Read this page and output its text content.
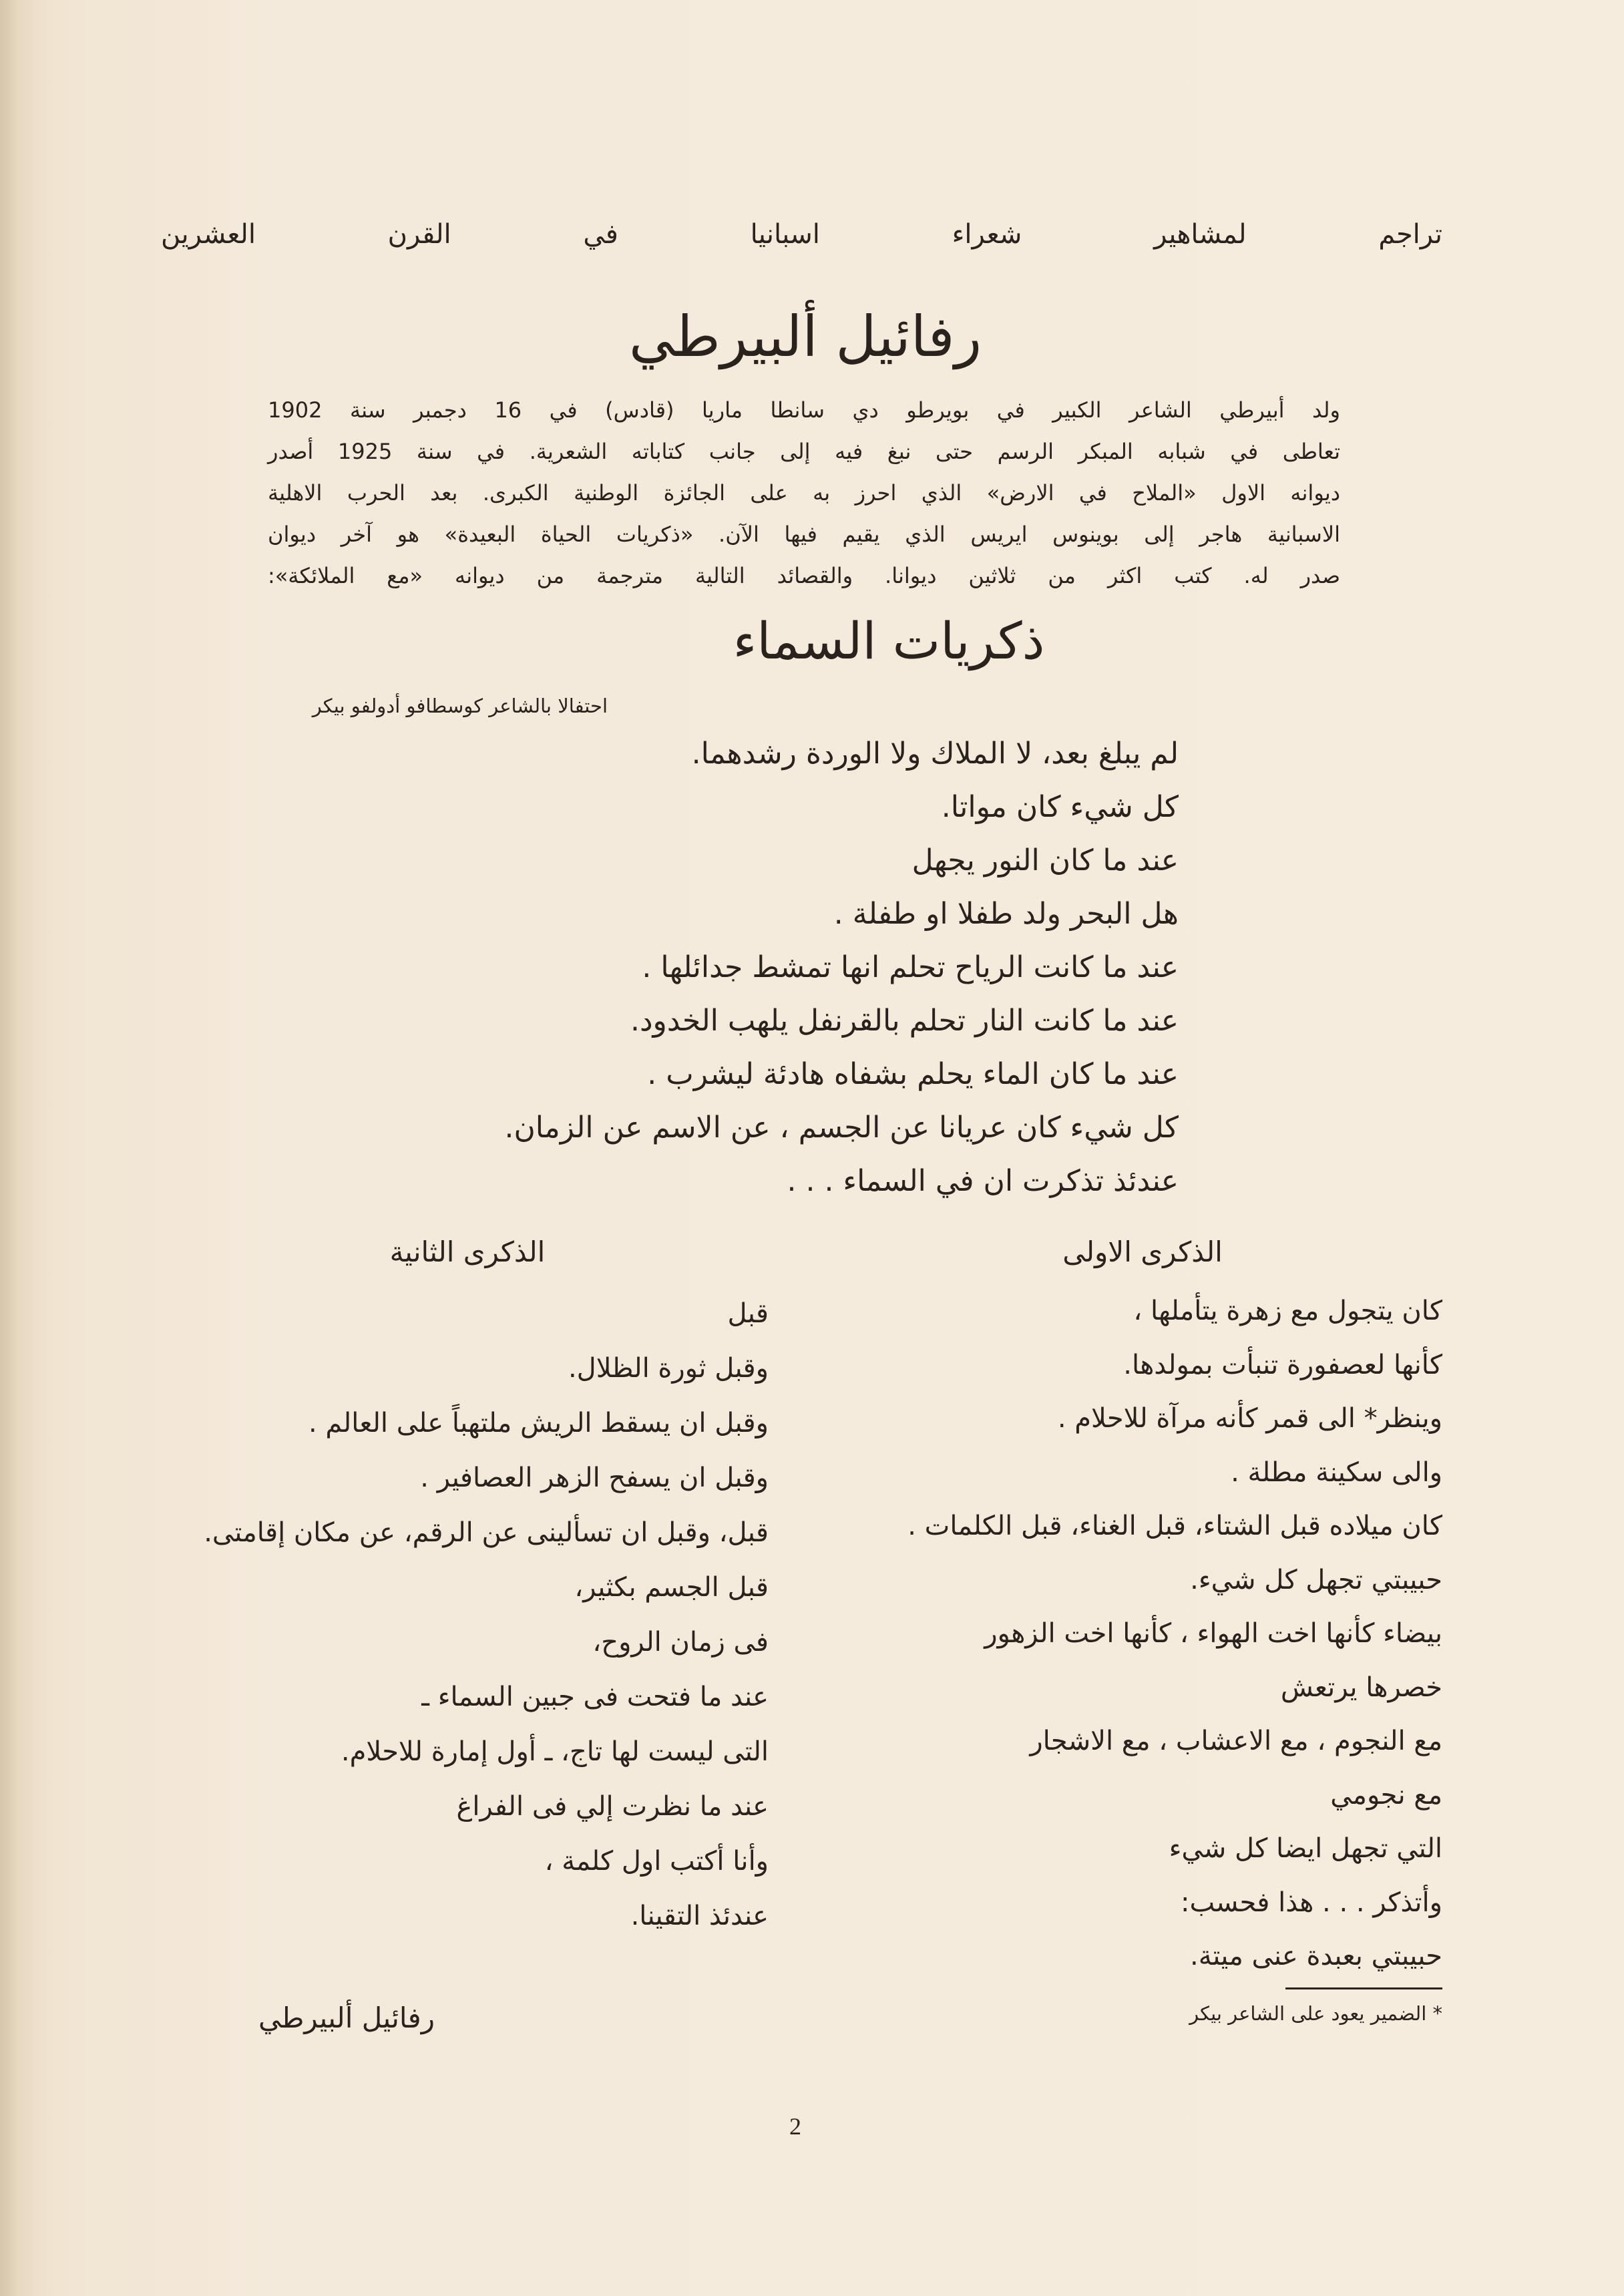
تراجم لمشاهير شعراء اسبانيا في القرن العشرين
رفائيل ألبيرطي
ولد أبيرطي الشاعر الكبير في بويرطو دي سانطا ماريا (قادس) في 16 دجمبر سنة 1902
تعاطى في شبابه المبكر الرسم حتى نبغ فيه إلى جانب كتاباته الشعرية. في سنة 1925 أصدر
ديوانه الاول «الملاح في الارض» الذي احرز به على الجائزة الوطنية الكبرى. بعد الحرب الاهلية
الاسبانية هاجر إلى بوينوس ايريس الذي يقيم فيها الآن. «ذكريات الحياة البعيدة» هو آخر ديوان
صدر له. كتب اكثر من ثلاثين ديوانا. والقصائد التالية مترجمة من ديوانه «مع الملائكة»:
ذكريات السماء
احتفالا بالشاعر كوسطافو أدولفو بيكر
لم يبلغ بعد، لا الملاك ولا الوردة رشدهما.
كل شيء كان مواتا.
عند ما كان النور يجهل
هل البحر ولد طفلا او طفلة .
عند ما كانت الرياح تحلم انها تمشط جدائلها .
عند ما كانت النار تحلم بالقرنفل يلهب الخدود.
عند ما كان الماء يحلم بشفاه هادئة ليشرب .
كل شيء كان عريانا عن الجسم ، عن الاسم عن الزمان.
عندئذ تذكرت ان في السماء . . .
الذكرى الاولى
الذكرى الثانية
كان يتجول مع زهرة يتأملها ،
كأنها لعصفورة تنبأت بمولدها.
وينظر* الى قمر كأنه مرآة للاحلام .
والى سكينة مطلة .
كان ميلاده قبل الشتاء، قبل الغناء، قبل الكلمات .
حبيبتي تجهل كل شيء.
بيضاء كأنها اخت الهواء ، كأنها اخت الزهور
خصرها يرتعش
مع النجوم ، مع الاعشاب ، مع الاشجار
مع نجومي
التي تجهل ايضا كل شيء
وأتذكر . . . هذا فحسب:
حبيبتي بعبدة عنى ميتة.
قبل
وقبل ثورة الظلال.
وقبل ان يسقط الريش ملتهباً على العالم .
وقبل ان يسفح الزهر العصافير .
قبل، وقبل ان تسألينى عن الرقم، عن مكان إقامتى.
قبل الجسم بكثير،
فى زمان الروح،
عند ما فتحت فى جبين السماء ـ
التى ليست لها تاج، ـ أول إمارة للاحلام.
عند ما نظرت إلي فى الفراغ
وأنا أكتب اول كلمة ،
عندئذ التقينا.
* الضمير يعود على الشاعر بيكر
رفائيل ألبيرطي
2
